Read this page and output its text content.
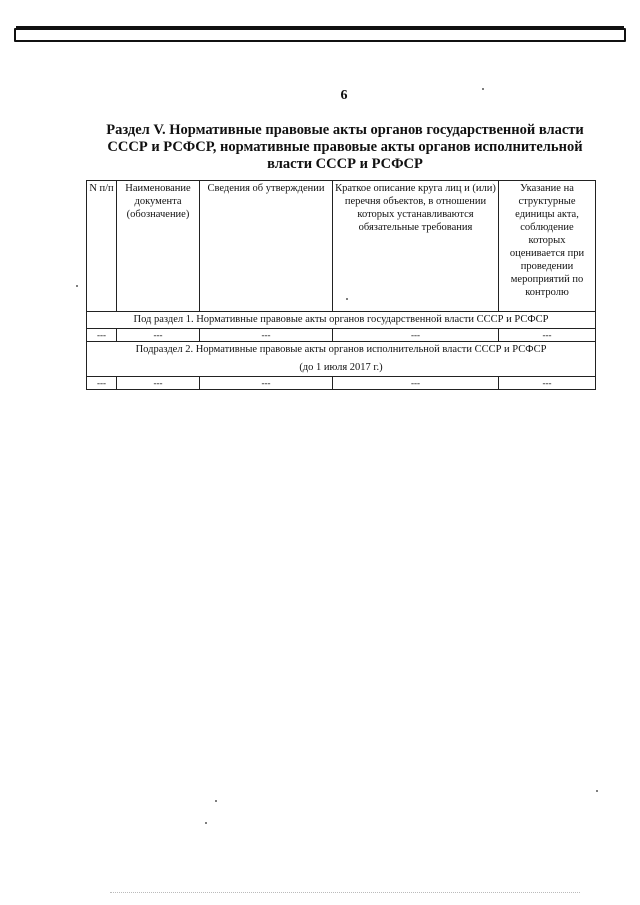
6
Раздел V. Нормативные правовые акты органов государственной власти СССР и РСФСР, нормативные правовые акты органов исполнительной власти СССР и РСФСР
N п/п	Наименование документа (обозначение)	Сведения об утверждении	Краткое описание круга лиц и (или) перечня объектов, в отношении которых устанавливаются обязательные требования	Указание на структурные единицы акта, соблюдение которых оценивается при проведении мероприятий по контролю
Под раздел 1. Нормативные правовые акты органов государственной власти СССР и РСФСР				
---	---	---	---	---

Подраздел 2. Нормативные правовые акты органов исполнительной власти СССР и РСФСР
(до 1 июля 2017 г.)				

---	---	---	---	---
